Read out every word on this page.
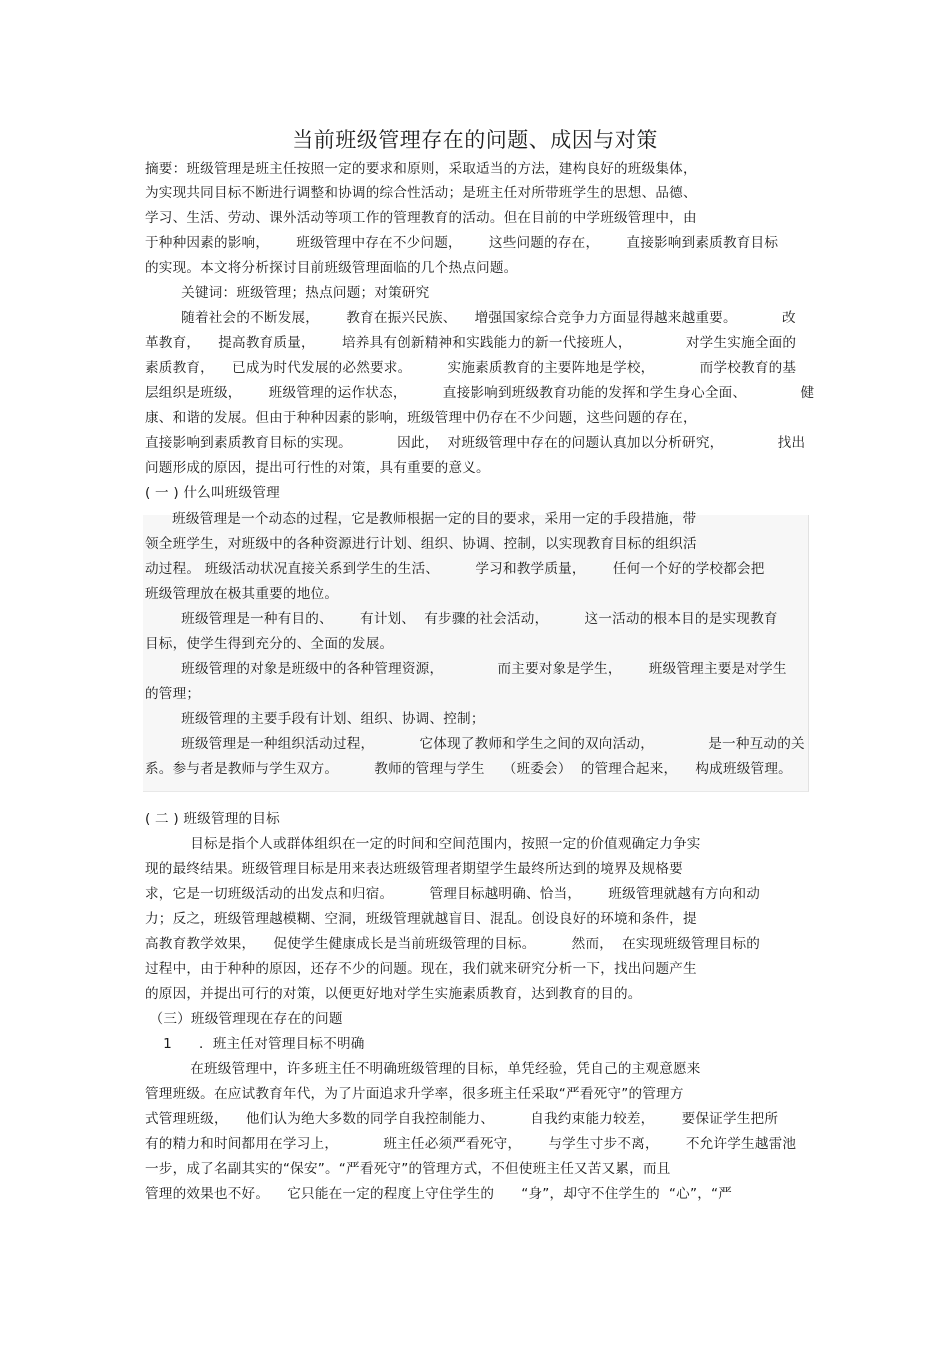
当前班级管理存在的问题、成因与对策
摘要：班级管理是班主任按照一定的要求和原则，采取适当的方法，建构良好的班级集体，
为实现共同目标不断进行调整和协调的综合性活动；是班主任对所带班学生的思想、品德、
学习、生活、劳动、课外活动等项工作的管理教育的活动。但在目前的中学班级管理中，由
于种种因素的影响，      班级管理中存在不少问题，      这些问题的存在，      直接影响到素质教育目标
的实现。本文将分析探讨目前班级管理面临的几个热点问题。
关键词：班级管理；热点问题；对策研究
随着社会的不断发展，      教育在振兴民族、    增强国家综合竞争力方面显得越来越重要。          改
革教育，    提高教育质量，      培养具有创新精神和实践能力的新一代接班人，            对学生实施全面的
素质教育，    已成为时代发展的必然要求。        实施素质教育的主要阵地是学校，          而学校教育的基
层组织是班级，      班级管理的运作状态，        直接影响到班级教育功能的发挥和学生身心全面、            健
康、和谐的发展。但由于种种因素的影响，班级管理中仍存在不少问题，这些问题的存在，
直接影响到素质教育目标的实现。          因此，  对班级管理中存在的问题认真加以分析研究，            找出
问题形成的原因，提出可行性的对策，具有重要的意义。
( 一 ) 什么叫班级管理
班级管理是一个动态的过程，它是教师根据一定的目的要求，采用一定的手段措施，带
领全班学生，对班级中的各种资源进行计划、组织、协调、控制，以实现教育目标的组织活
动过程。 班级活动状况直接关系到学生的生活、        学习和教学质量，      任何一个好的学校都会把
班级管理放在极其重要的地位。
班级管理是一种有目的、      有计划、  有步骤的社会活动，        这一活动的根本目的是实现教育
目标，使学生得到充分的、全面的发展。
班级管理的对象是班级中的各种管理资源，            而主要对象是学生，      班级管理主要是对学生
的管理；
班级管理的主要手段有计划、组织、协调、控制；
班级管理是一种组织活动过程，          它体现了教师和学生之间的双向活动，            是一种互动的关
系。参与者是教师与学生双方。        教师的管理与学生    （班委会）  的管理合起来，    构成班级管理。
( 二 ) 班级管理的目标
目标是指个人或群体组织在一定的时间和空间范围内，按照一定的价值观确定力争实
现的最终结果。班级管理目标是用来表达班级管理者期望学生最终所达到的境界及规格要
求，它是一切班级活动的出发点和归宿。        管理目标越明确、恰当，      班级管理就越有方向和动
力；反之，班级管理越模糊、空洞，班级管理就越盲目、混乱。创设良好的环境和条件，提
高教育教学效果，    促使学生健康成长是当前班级管理的目标。        然而，  在实现班级管理目标的
过程中，由于种种的原因，还存不少的问题。现在，我们就来研究分析一下，找出问题产生
的原因，并提出可行的对策，以便更好地对学生实施素质教育，达到教育的目的。
（三）班级管理现在存在的问题
1      ．班主任对管理目标不明确
在班级管理中，许多班主任不明确班级管理的目标，单凭经验，凭自己的主观意愿来
管理班级。在应试教育年代，为了片面追求升学率，很多班主任采取“严看死守”的管理方
式管理班级，    他们认为绝大多数的同学自我控制能力、        自我约束能力较差，      要保证学生把所
有的精力和时间都用在学习上，          班主任必须严看死守，      与学生寸步不离，      不允许学生越雷池
一步，成了名副其实的“保安”。“严看死守”的管理方式，不但使班主任又苦又累，而且
管理的效果也不好。    它只能在一定的程度上守住学生的      “身”，却守不住学生的  “心”，“严
